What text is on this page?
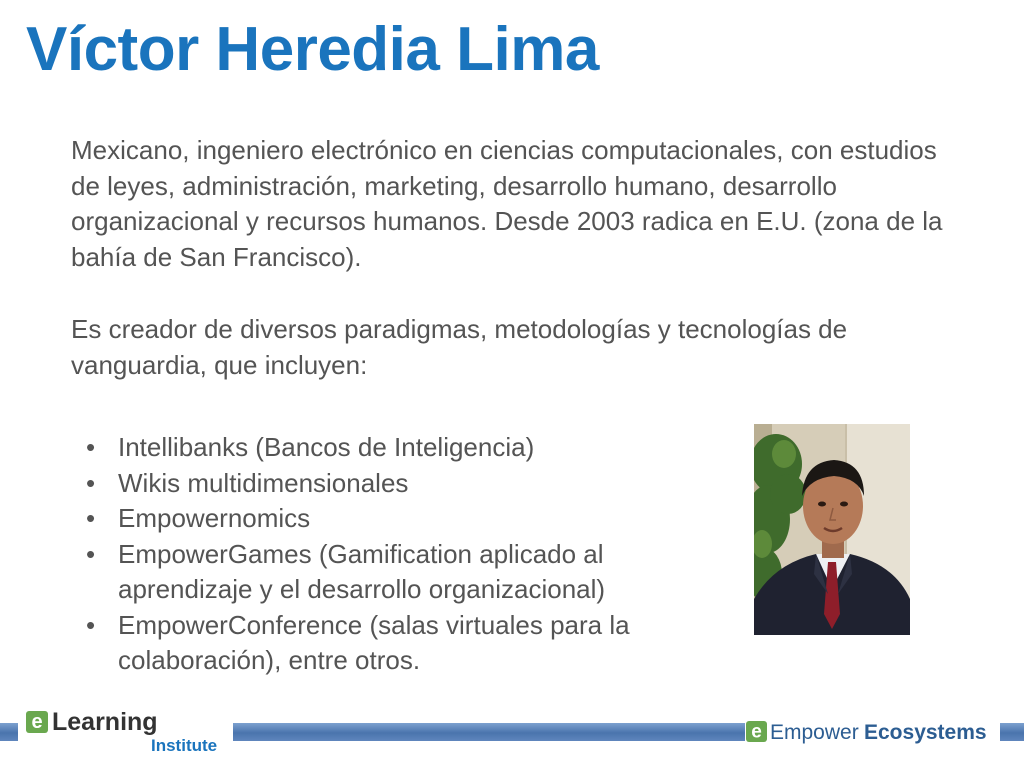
Víctor Heredia Lima

Mexicano, ingeniero electrónico en ciencias computacionales, con estudios de leyes, administración, marketing, desarrollo humano, desarrollo organizacional y recursos humanos. Desde 2003 radica en E.U. (zona de la bahía de San Francisco).

Es creador de diversos paradigmas, metodologías y tecnologías de vanguardia, que incluyen:

• Intellibanks (Bancos de Inteligencia)
• Wikis multidimensionales
• Empowernomics
• EmpowerGames (Gamification aplicado al aprendizaje y el desarrollo organizacional)
• EmpowerConference (salas virtuales para la colaboración), entre otros.
e Learning
Institute
e Empower Ecosystems
